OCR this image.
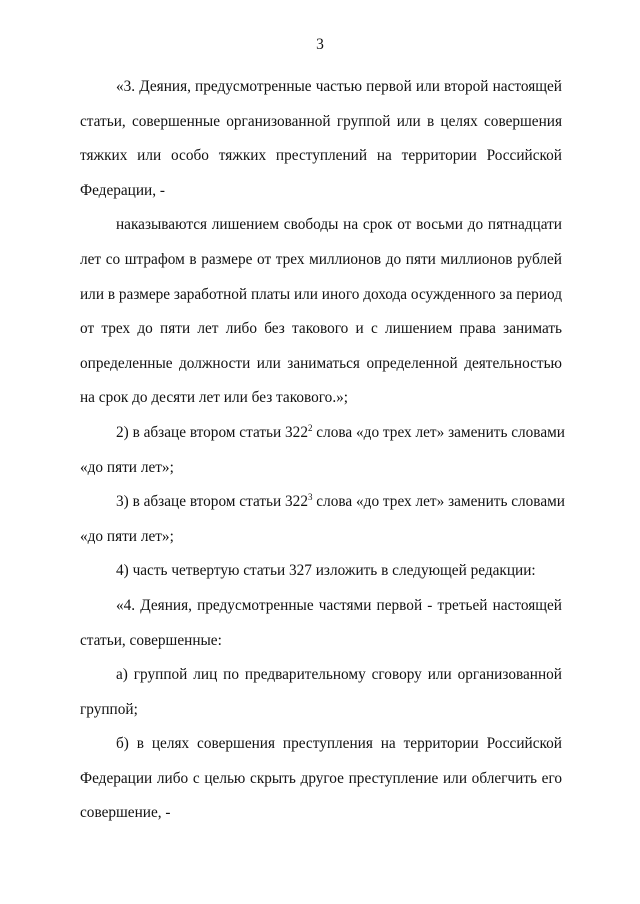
3

«3. Деяния, предусмотренные частью первой или второй настоящей
статьи, совершенные организованной группой или в целях совершения
тяжких или особо тяжких преступлений на территории Российской
Федерации, -

наказываются лишением свободы на срок от восьми до пятнадцати
лет со штрафом в размере от трех миллионов до пяти миллионов рублей
или в размере заработной платы или иного дохода осужденного за период
от трех до пяти лет либо без такового и с лишением права занимать
определенные должности или заниматься определенной деятельностью
на срок до десяти лет или без такового.»;

2) в абзаце втором статьи $322^2$ слова «до трех лет» заменить словами
«до пяти лет»;

3) в абзаце втором статьи $322^3$ слова «до трех лет» заменить словами
«до пяти лет»;

4) часть четвертую статьи 327 изложить в следующей редакции:

«4. Деяния, предусмотренные частями первой - третьей настоящей
статьи, совершенные:

а) группой лиц по предварительному сговору или организованной
группой;

б) в целях совершения преступления на территории Российской
Федерации либо с целью скрыть другое преступление или облегчить его
совершение, -
